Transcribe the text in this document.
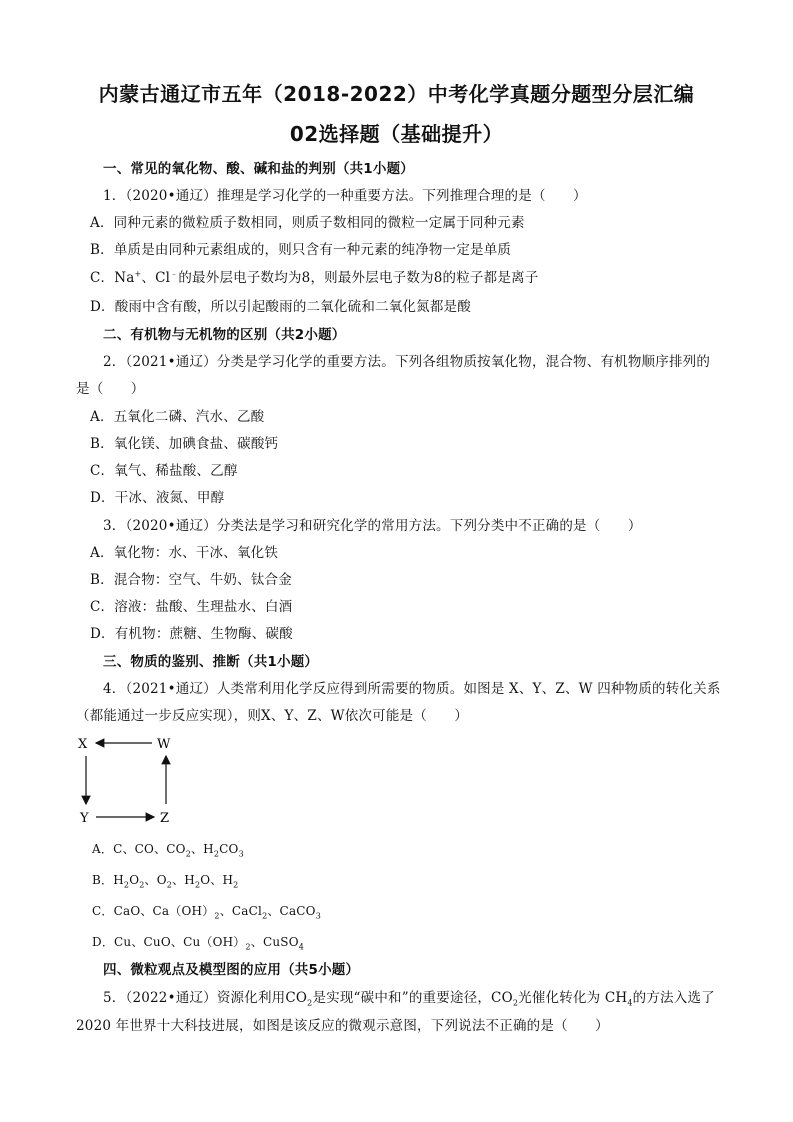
内蒙古通辽市五年（2018-2022）中考化学真题分题型分层汇编
02选择题（基础提升）
一、常见的氧化物、酸、碱和盐的判别（共1小题）
1．（2020•通辽）推理是学习化学的一种重要方法。下列推理合理的是（　　）
A．同种元素的微粒质子数相同，则质子数相同的微粒一定属于同种元素
B．单质是由同种元素组成的，则只含有一种元素的纯净物一定是单质
C．Na+、Cl﹣的最外层电子数均为8，则最外层电子数为8的粒子都是离子
D．酸雨中含有酸，所以引起酸雨的二氧化硫和二氧化氮都是酸
二、有机物与无机物的区别（共2小题）
2．（2021•通辽）分类是学习化学的重要方法。下列各组物质按氧化物，混合物、有机物顺序排列的
是（　　）
A．五氧化二磷、汽水、乙酸
B．氧化镁、加碘食盐、碳酸钙
C．氧气、稀盐酸、乙醇
D．干冰、液氮、甲醇
3．（2020•通辽）分类法是学习和研究化学的常用方法。下列分类中不正确的是（　　）
A．氧化物：水、干冰、氧化铁
B．混合物：空气、牛奶、钛合金
C．溶液：盐酸、生理盐水、白酒
D．有机物：蔗糖、生物酶、碳酸
三、物质的鉴别、推断（共1小题）
4．（2021•通辽）人类常利用化学反应得到所需要的物质。如图是 X、Y、Z、W 四种物质的转化关系
（都能通过一步反应实现），则X、Y、Z、W依次可能是（　　）
X	W
Y	Z
A．C、CO、$CO_2$、$H_2CO_3$
B．$H_2O_2$、$O_2$、$H_2O$、$H_2$
C．CaO、$Ca(OH)_2$、CaCl$_2$、CaCO$_3$
D．Cu、CuO、$Cu(OH)_2$、CuSO$_4$
四、微粒观点及模型图的应用（共5小题）
5．（2022•通辽）资源化利用$CO_2$是实现“碳中和”的重要途径，$CO_2$光催化转化为 $CH_4$的方法入选了
2020 年世界十大科技进展，如图是该反应的微观示意图，下列说法不正确的是（　　）
